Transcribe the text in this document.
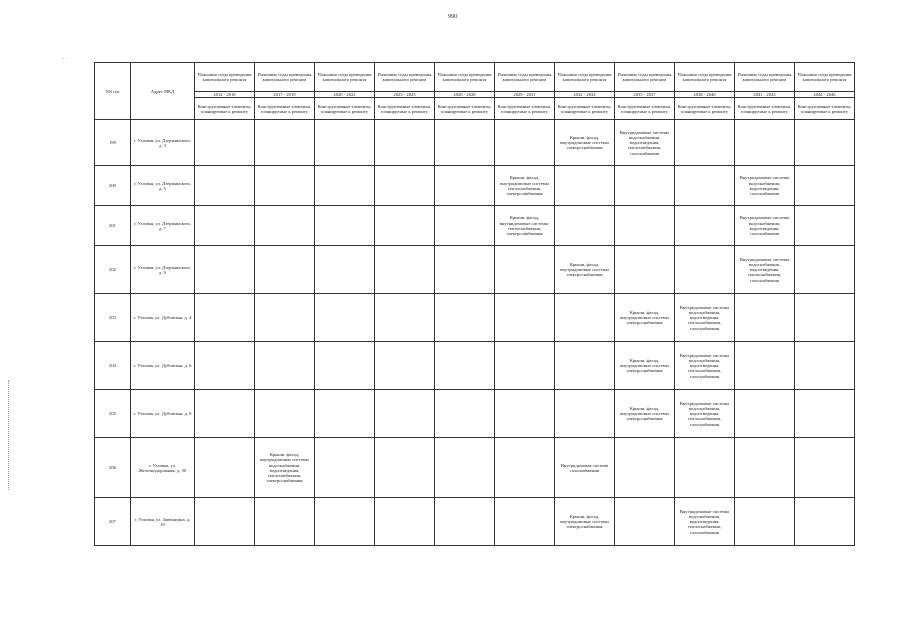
990
- ·
NN п/п	Адрес МКД	Плановые годы проведения капитального ремонта	Плановые годы проведения капитального ремонта	Плановые годы проведения капитального ремонта	Плановые годы проведения капитального ремонта	Плановые годы проведения капитального ремонта	Плановые годы проведения капитального ремонта	Плановые годы проведения капитального ремонта	Плановые годы проведения капитального ремонта	Плановые годы проведения капитального ремонта	Плановые годы проведения капитального ремонта	Плановые годы проведения капитального ремонта
		2014 - 2016	2017 - 2019	2020 - 2022	2023 - 2025	2026 - 2028	2029 - 2031	2032 - 2034	2035 - 2037	2038 - 2040	2041 - 2043	2044 - 2046
		Конструктивные элементы, планируемые к ремонту	Конструктивные элементы, планируемые к ремонту	Конструктивные элементы, планируемые к ремонту	Конструктивные элементы, планируемые к ремонту	Конструктивные элементы, планируемые к ремонту	Конструктивные элементы, планируемые к ремонту	Конструктивные элементы, планируемые к ремонту	Конструктивные элементы, планируемые к ремонту	Конструктивные элементы, планируемые к ремонту	Конструктивные элементы, планируемые к ремонту	Конструктивные элементы, планируемые к ремонту
199	г. Узловая, ул. Дзержинского, д. 3							Крыши, фасад, внутридомовые системы электроснабжения	Внутридомовые системы водоснабжения, водоотведения, теплоснабжения, газоснабжения			
200	г. Узловая, ул. Дзержинского, д. 5						Крыши, фасад, внутридомовые системы теплоснабжения, электроснабжения				Внутридомовые системы водоснабжения, водоотведения, газоснабжения	
201	г. Узловая, ул. Дзержинского, д. 7						Крыши, фасад, внутридомовые системы: теплоснабжения, электроснабжения				Внутридомовые системы водоснабжения, водоотведения, газоснабжения	
202	г. Узловая, ул. Дзержинского, д. 9							Крыши, фасад, внутридомовые системы электроснабжения			Внутридомовые системы водоснабжения, водоотведения, теплоснабжения, газоснабжения	
203	г. Узловая, ул. Дубовская, д. 4								Крыши, фасад, внутридомовые системы электроснабжения	Внутридомовые системы водоснабжения, водоотведения, теплоснабжения, газоснабжения		
204	г. Узловая, ул. Дубовская, д. 6								Крыши, фасад, внутридомовые системы электроснабжения	Внутридомовые системы водоснабжения, водоотведения, теплоснабжения, газоснабжения		
205	г. Узловая, ул. Дубовская, д. 8								Крыши, фасад, внутридомовые системы электроснабжения	Внутридомовые системы водоснабжения, водоотведения, теплоснабжения, газоснабжения		
206	г. Узловая, ул. Железнодорожная, д. 30		Крыши, фасад, внутридомовые системы водоснабжения, водоотведения, теплоснабжения, электроснабжения					Внутридомовая система газоснабжения				
207	г. Узловая, ул. Завенягина, д. 10							Крыши, фасад, внутридомовые системы электроснабжения		Внутридомовые системы водоснабжения, водоотведения, теплоснабжения, газоснабжения		
